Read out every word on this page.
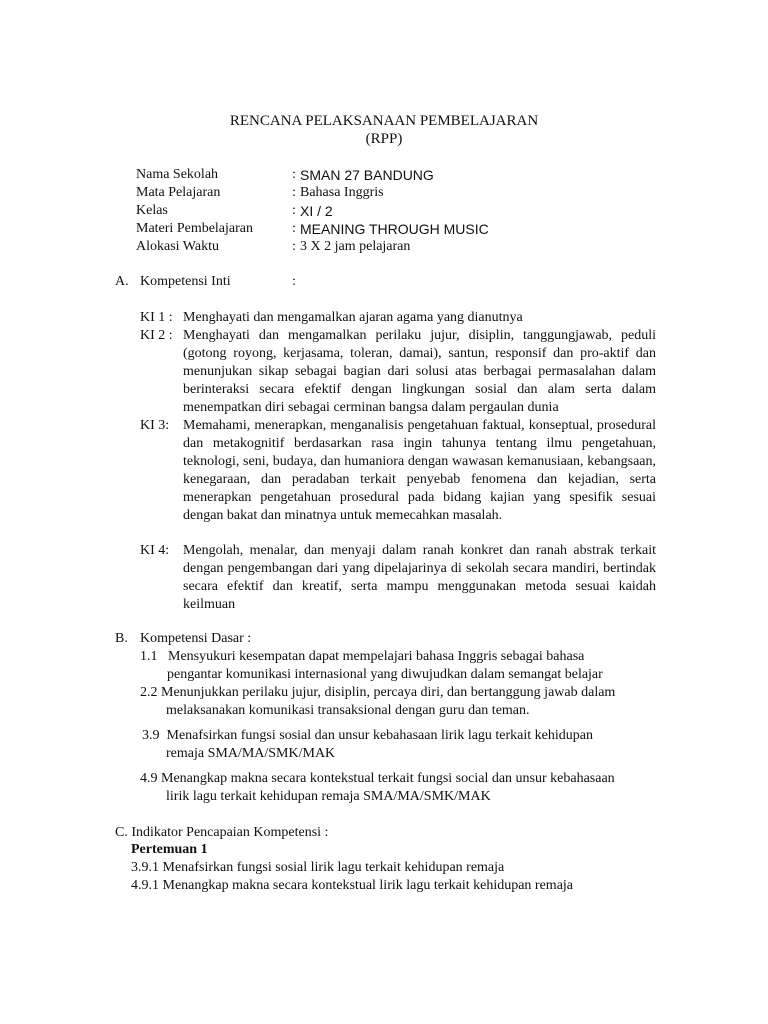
RENCANA PELAKSANAAN PEMBELAJARAN
(RPP)
Nama Sekolah	: SMAN 27 BANDUNG
Mata Pelajaran	: Bahasa Inggris
Kelas	: XI / 2
Materi Pembelajaran	: MEANING THROUGH MUSIC
Alokasi Waktu	: 3 X 2 jam pelajaran
A. Kompetensi Inti	:
KI 1 : Menghayati dan mengamalkan ajaran agama yang dianutnya
KI 2 : Menghayati dan mengamalkan perilaku jujur, disiplin, tanggungjawab, peduli (gotong royong, kerjasama, toleran, damai), santun, responsif dan pro-aktif dan menunjukan sikap sebagai bagian dari solusi atas berbagai permasalahan dalam berinteraksi secara efektif dengan lingkungan sosial dan alam serta dalam menempatkan diri sebagai cerminan bangsa dalam pergaulan dunia
KI 3: Memahami, menerapkan, menganalisis pengetahuan faktual, konseptual, prosedural dan metakognitif berdasarkan rasa ingin tahunya tentang ilmu pengetahuan, teknologi, seni, budaya, dan humaniora dengan wawasan kemanusiaan, kebangsaan, kenegaraan, dan peradaban terkait penyebab fenomena dan kejadian, serta menerapkan pengetahuan prosedural pada bidang kajian yang spesifik sesuai dengan bakat dan minatnya untuk memecahkan masalah.
KI 4: Mengolah, menalar, dan menyaji dalam ranah konkret dan ranah abstrak terkait dengan pengembangan dari yang dipelajarinya di sekolah secara mandiri, bertindak secara efektif dan kreatif, serta mampu menggunakan metoda sesuai kaidah keilmuan
B. Kompetensi Dasar :
1.1 Mensyukuri kesempatan dapat mempelajari bahasa Inggris sebagai bahasa
pengantar komunikasi internasional yang diwujudkan dalam semangat belajar
2.2 Menunjukkan perilaku jujur, disiplin, percaya diri, dan bertanggung jawab dalam
melaksanakan komunikasi transaksional dengan guru dan teman.
3.9 Menafsirkan fungsi sosial dan unsur kebahasaan lirik lagu terkait kehidupan
remaja SMA/MA/SMK/MAK
4.9 Menangkap makna secara kontekstual terkait fungsi social dan unsur kebahasaan
lirik lagu terkait kehidupan remaja SMA/MA/SMK/MAK
C. Indikator Pencapaian Kompetensi :
Pertemuan 1
3.9.1 Menafsirkan fungsi sosial lirik lagu terkait kehidupan remaja
4.9.1 Menangkap makna secara kontekstual lirik lagu terkait kehidupan remaja
